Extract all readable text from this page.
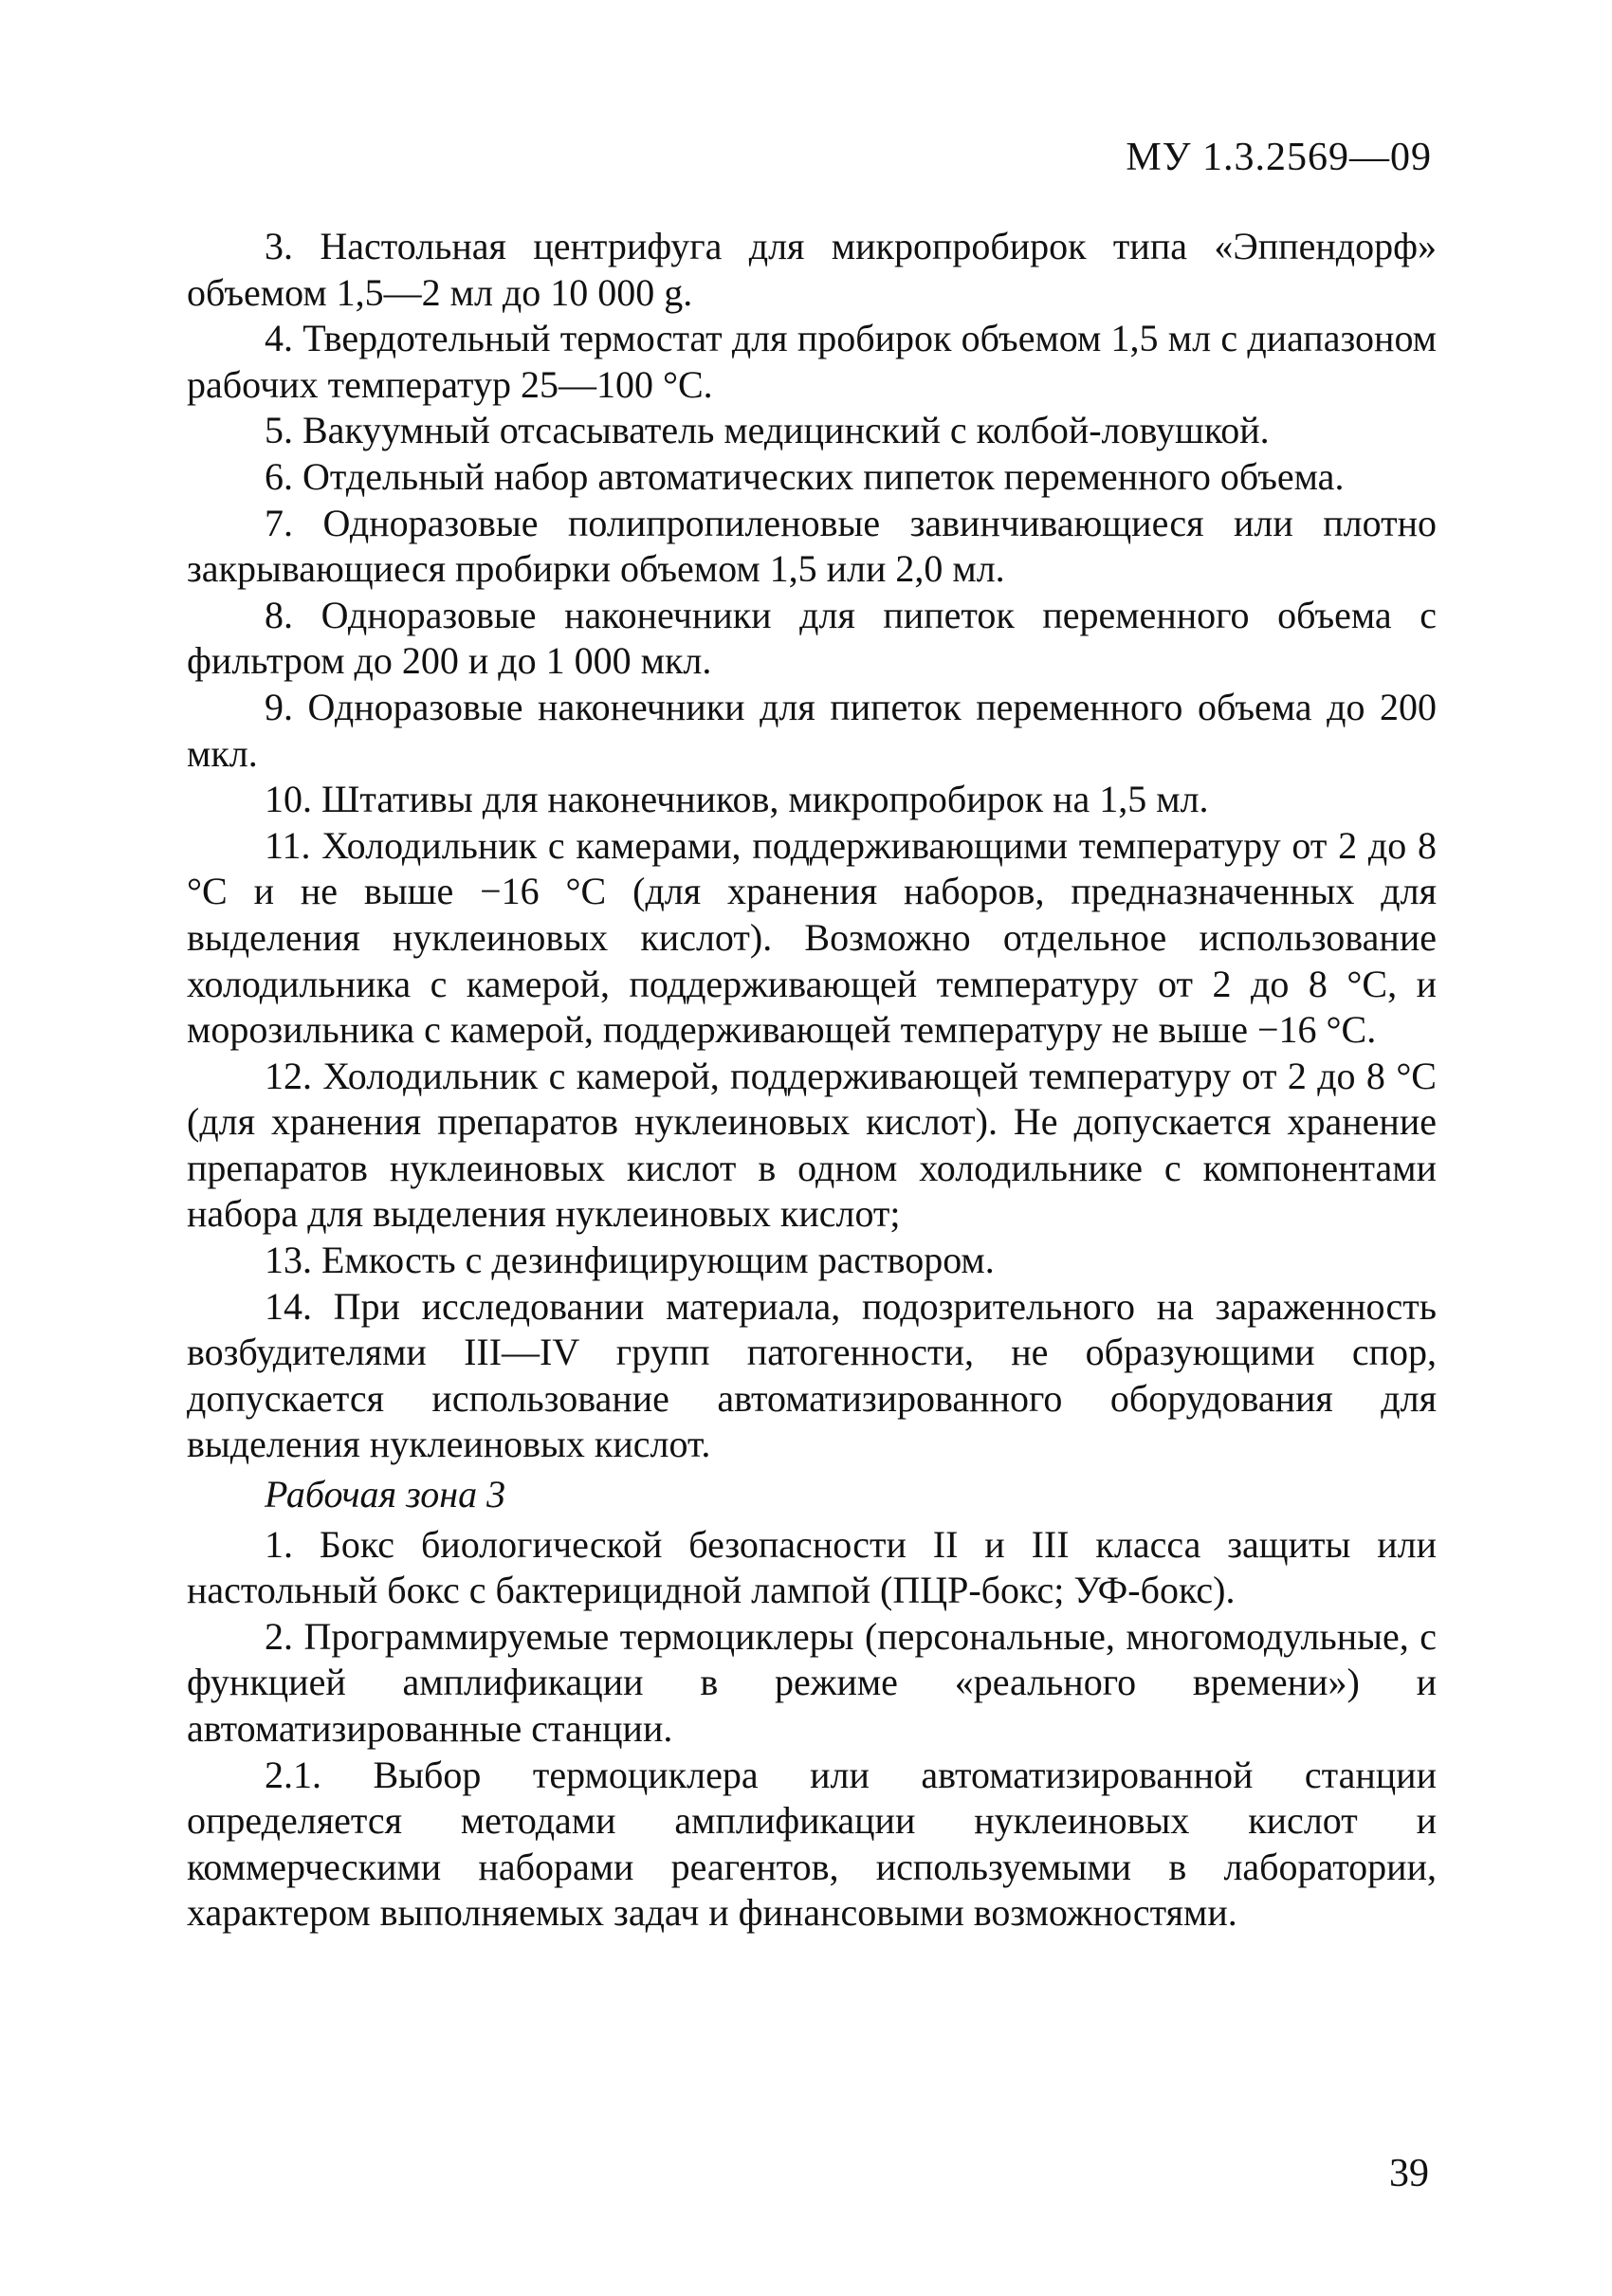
МУ 1.3.2569—09

3. Настольная центрифуга для микропробирок типа «Эппендорф» объемом 1,5—2 мл до 10 000 g.

4. Твердотельный термостат для пробирок объемом 1,5 мл с диапазоном рабочих температур 25—100 °С.

5. Вакуумный отсасыватель медицинский с колбой-ловушкой.

6. Отдельный набор автоматических пипеток переменного объема.

7. Одноразовые полипропиленовые завинчивающиеся или плотно закрывающиеся пробирки объемом 1,5 или 2,0 мл.

8. Одноразовые наконечники для пипеток переменного объема с фильтром до 200 и до 1 000 мкл.

9. Одноразовые наконечники для пипеток переменного объема до 200 мкл.

10. Штативы для наконечников, микропробирок на 1,5 мл.

11. Холодильник с камерами, поддерживающими температуру от 2 до 8 °С и не выше −16 °С (для хранения наборов, предназначенных для выделения нуклеиновых кислот). Возможно отдельное использование холодильника с камерой, поддерживающей температуру от 2 до 8 °С, и морозильника с камерой, поддерживающей температуру не выше −16 °С.

12. Холодильник с камерой, поддерживающей температуру от 2 до 8 °С (для хранения препаратов нуклеиновых кислот). Не допускается хранение препаратов нуклеиновых кислот в одном холодильнике с компонентами набора для выделения нуклеиновых кислот;

13. Емкость с дезинфицирующим раствором.

14. При исследовании материала, подозрительного на зараженность возбудителями III—IV групп патогенности, не образующими спор, допускается использование автоматизированного оборудования для выделения нуклеиновых кислот.

Рабочая зона 3

1. Бокс биологической безопасности II и III класса защиты или настольный бокс с бактерицидной лампой (ПЦР-бокс; УФ-бокс).

2. Программируемые термоциклеры (персональные, многомодульные, с функцией амплификации в режиме «реального времени») и автоматизированные станции.

2.1. Выбор термоциклера или автоматизированной станции определяется методами амплификации нуклеиновых кислот и коммерческими наборами реагентов, используемыми в лаборатории, характером выполняемых задач и финансовыми возможностями.

39
